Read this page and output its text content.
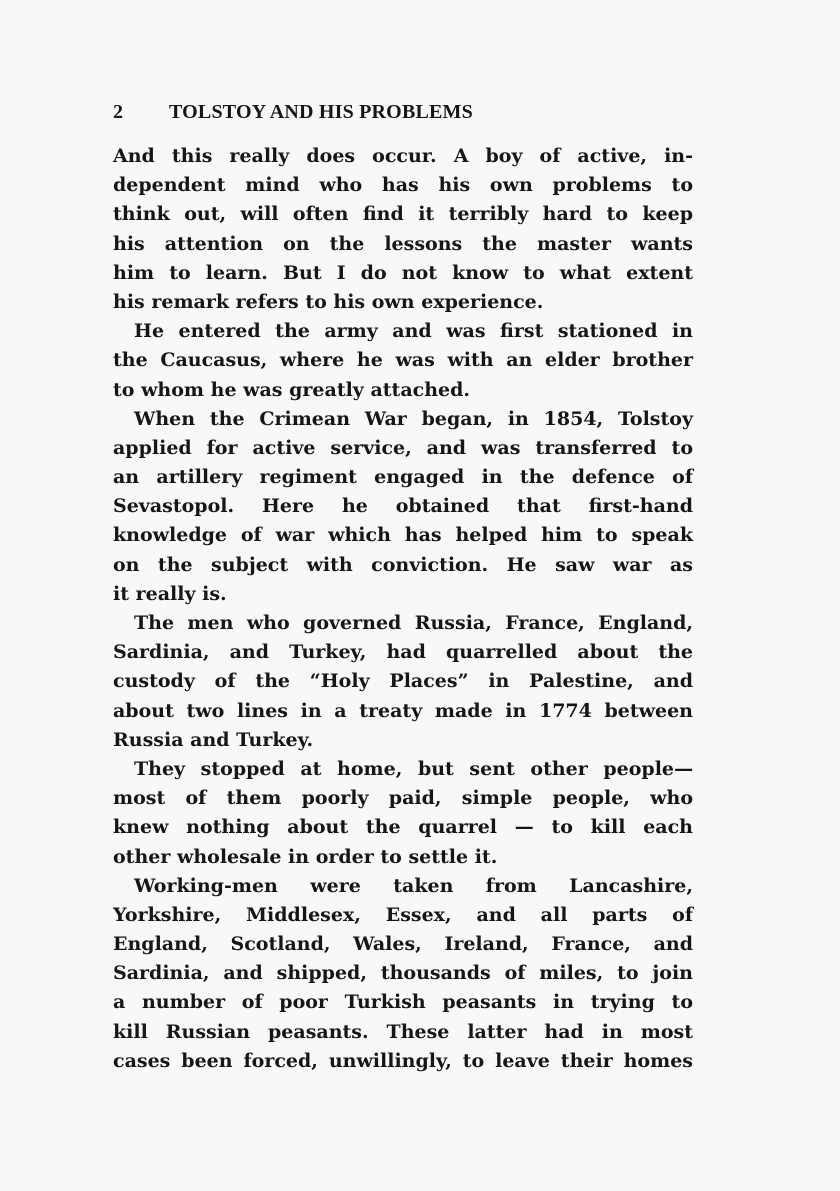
2 TOLSTOY AND HIS PROBLEMS
And this really does occur. A boy of active, in-
dependent mind who has his own problems to
think out, will often find it terribly hard to keep
his attention on the lessons the master wants
him to learn. But I do not know to what extent
his remark refers to his own experience.
He entered the army and was first stationed in
the Caucasus, where he was with an elder brother
to whom he was greatly attached.
When the Crimean War began, in 1854, Tolstoy
applied for active service, and was transferred to
an artillery regiment engaged in the defence of
Sevastopol. Here he obtained that first-hand
knowledge of war which has helped him to speak
on the subject with conviction. He saw war as
it really is.
The men who governed Russia, France, England,
Sardinia, and Turkey, had quarrelled about the
custody of the “Holy Places” in Palestine, and
about two lines in a treaty made in 1774 between
Russia and Turkey.
They stopped at home, but sent other people—
most of them poorly paid, simple people, who
knew nothing about the quarrel — to kill each
other wholesale in order to settle it.
Working-men were taken from Lancashire,
Yorkshire, Middlesex, Essex, and all parts of
England, Scotland, Wales, Ireland, France, and
Sardinia, and shipped, thousands of miles, to join
a number of poor Turkish peasants in trying to
kill Russian peasants. These latter had in most
cases been forced, unwillingly, to leave their homes
